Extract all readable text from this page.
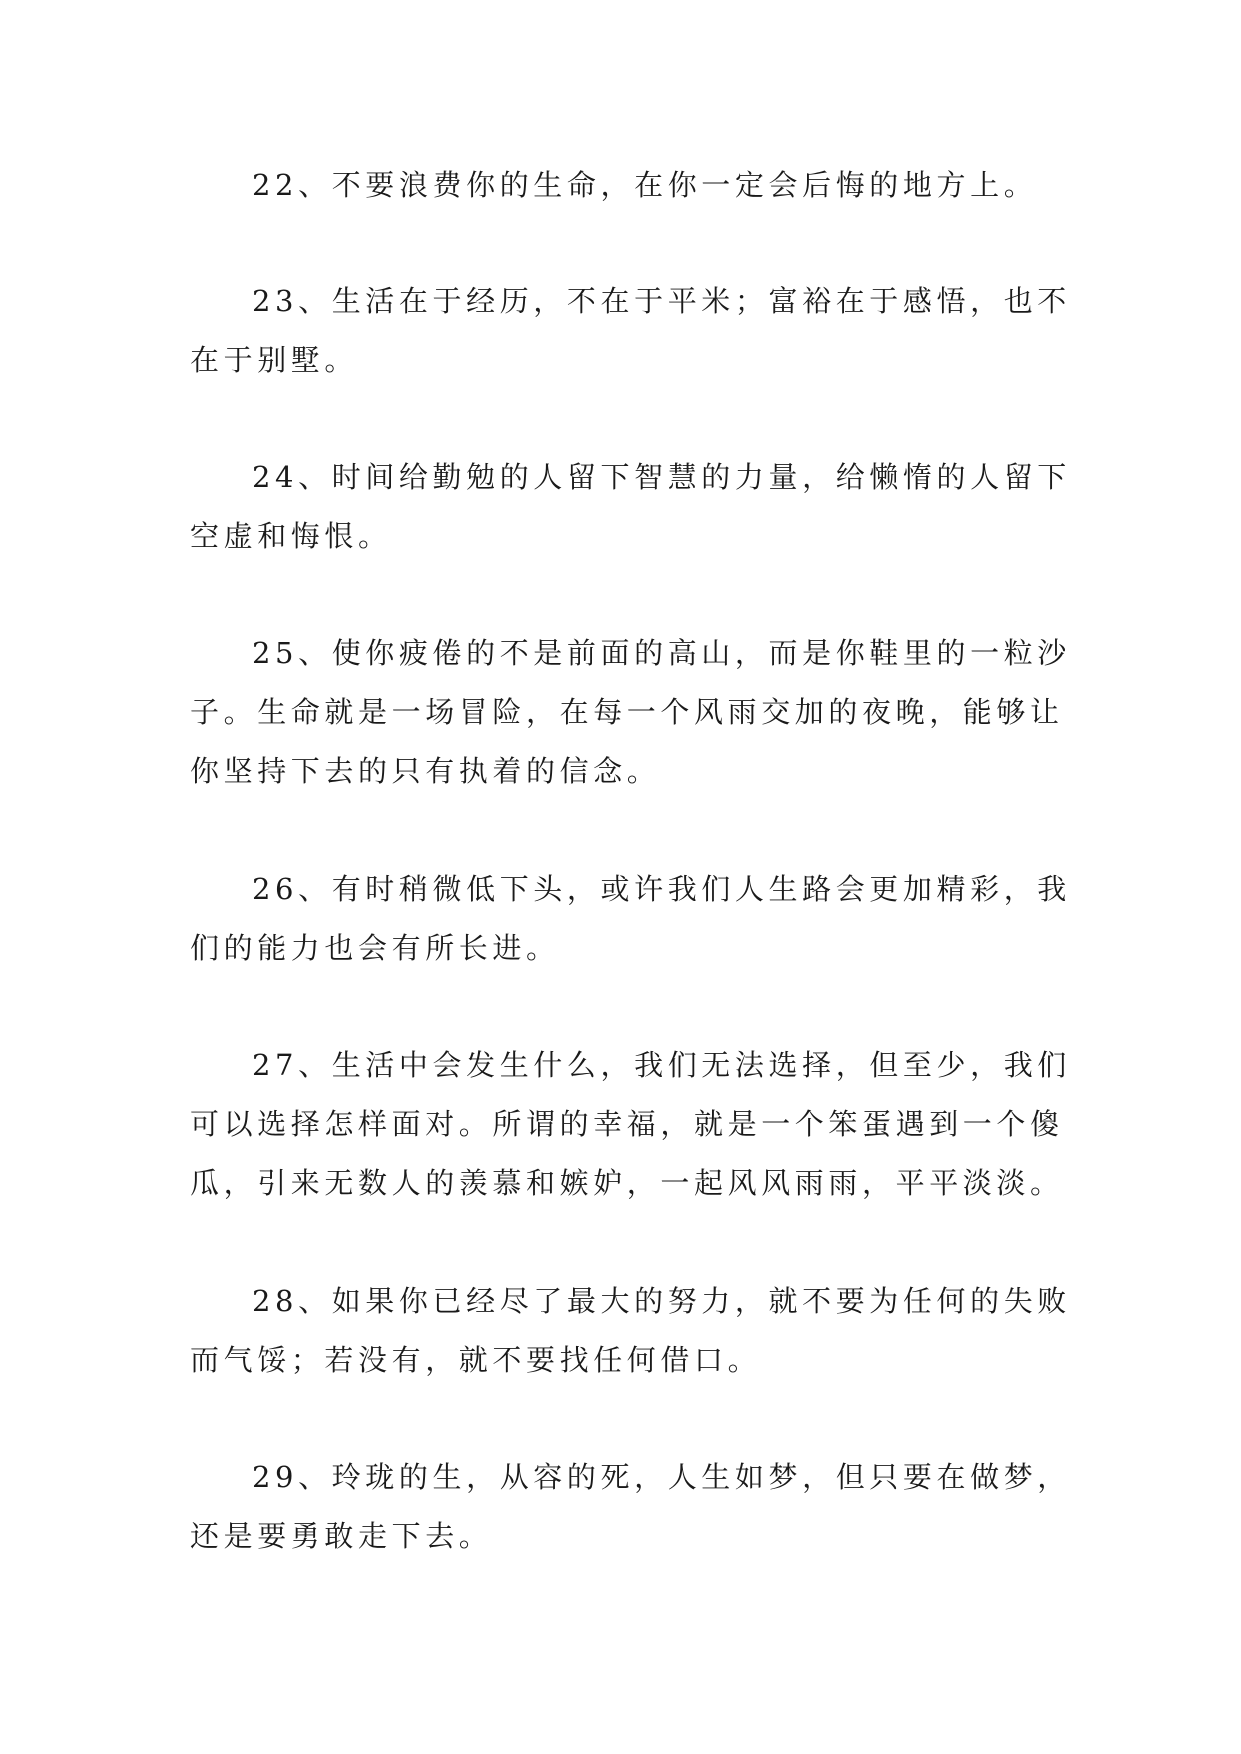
22、不要浪费你的生命，在你一定会后悔的地方上。

23、生活在于经历，不在于平米；富裕在于感悟，也不
在于别墅。

24、时间给勤勉的人留下智慧的力量，给懒惰的人留下
空虚和悔恨。

25、使你疲倦的不是前面的高山，而是你鞋里的一粒沙
子。生命就是一场冒险，在每一个风雨交加的夜晚，能够让
你坚持下去的只有执着的信念。

26、有时稍微低下头，或许我们人生路会更加精彩，我
们的能力也会有所长进。

27、生活中会发生什么，我们无法选择，但至少，我们
可以选择怎样面对。所谓的幸福，就是一个笨蛋遇到一个傻
瓜，引来无数人的羡慕和嫉妒，一起风风雨雨，平平淡淡。

28、如果你已经尽了最大的努力，就不要为任何的失败
而气馁；若没有，就不要找任何借口。

29、玲珑的生，从容的死，人生如梦，但只要在做梦，
还是要勇敢走下去。
